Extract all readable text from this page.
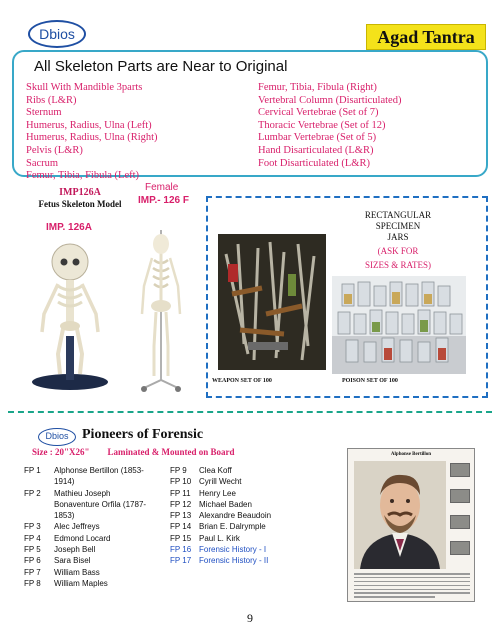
Dbios	Agad Tantra
All Skeleton Parts are Near to Original
Skull With Mandible 3parts
Ribs (L&R)
Sternum
Humerus, Radius, Ulna (Left)
Humerus, Radius, Ulna (Right)
Pelvis (L&R)
Sacrum
Femur, Tibia, Fibula (Left)
Femur, Tibia, Fibula (Right)
Vertebral Column (Disarticulated)
Cervical Vertebrae (Set of 7)
Thoracic Vertebrae (Set of 12)
Lumbar Vertebrae (Set of 5)
Hand Disarticulated (L&R)
Foot Disarticulated (L&R)
IMP126A
Fetus Skeleton Model
IMP. 126A
Female
IMP.- 126 F
WEAPON SET OF 100
RECTANGULAR
SPECIMEN
JARS
(ASK FOR
SIZES & RATES)
POISON SET OF 100
Dbios Pioneers of Forensic
Size : 20"X26" Laminated & Mounted on Board
FP 1	Alphonse Bertillon (1853-
1914)
FP 2	Mathieu Joseph
Bonaventure Orfila (1787-
1853)
FP 3	Alec Jeffreys
FP 4	Edmond Locard
FP 5	Joseph Bell
FP 6	Sara Bisel
FP 7	William Bass
FP 8	William Maples
FP 9	Clea Koff
FP 10 Cyrill Wecht
FP 11	Henry Lee
FP 12 Michael Baden
FP 13 Alexandre Beaudoin
FP 14 Brian E. Dalrymple
FP 15 Paul L. Kirk
FP 16 Forensic History - I
FP 17 Forensic History - II
Alphonse Bertillon
9
